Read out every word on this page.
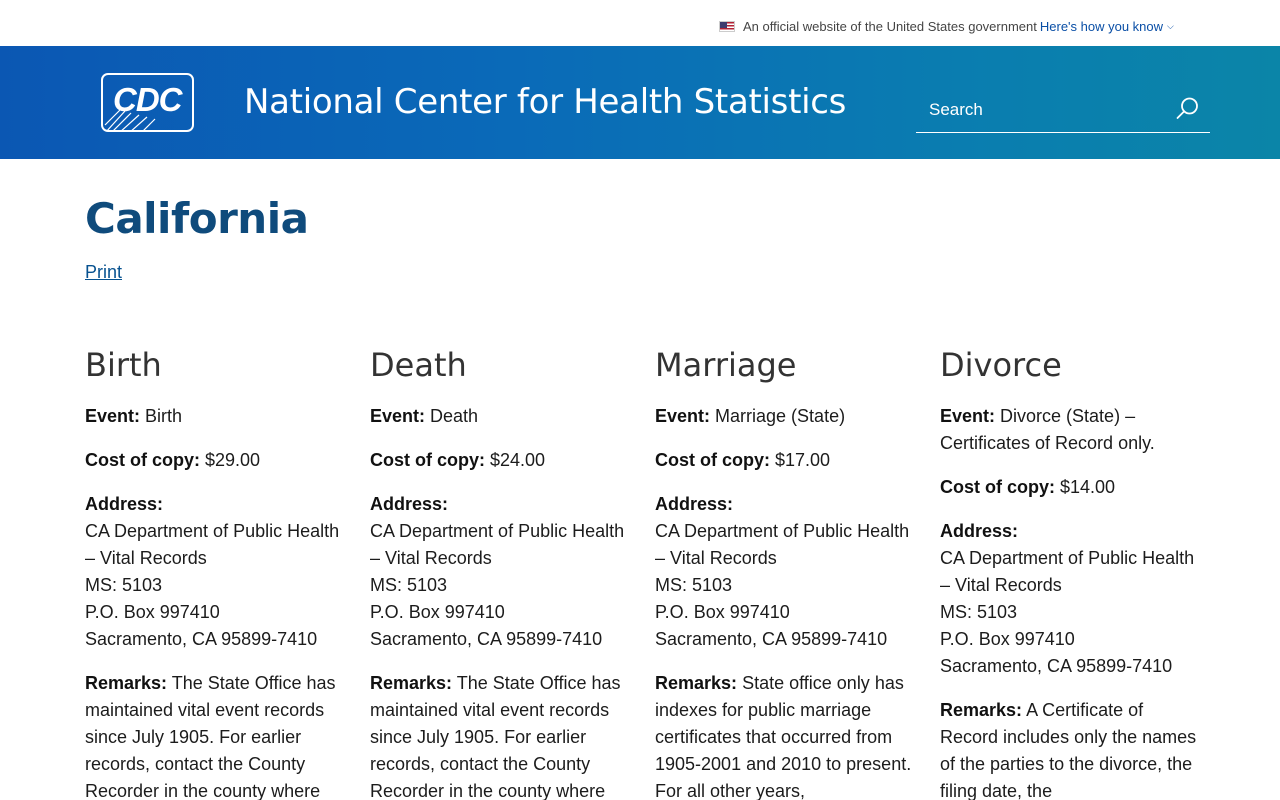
An official website of the United States government Here's how you know ⌵
CDC National Center for Health Statistics
Search
California
Print
Birth

Event: Birth

Cost of copy: $29.00

Address:
CA Department of Public Health – Vital Records
MS: 5103
P.O. Box 997410
Sacramento, CA 95899-7410

Remarks: The State Office has maintained vital event records since July 1905. For earlier records, contact the County Recorder in the county where

Death

Event: Death

Cost of copy: $24.00

Address:
CA Department of Public Health – Vital Records
MS: 5103
P.O. Box 997410
Sacramento, CA 95899-7410

Remarks: The State Office has maintained vital event records since July 1905. For earlier records, contact the County Recorder in the county where

Marriage

Event: Marriage (State)

Cost of copy: $17.00

Address:
CA Department of Public Health – Vital Records
MS: 5103
P.O. Box 997410
Sacramento, CA 95899-7410

Remarks: State office only has indexes for public marriage certificates that occurred from 1905-2001 and 2010 to present. For all other years,

Divorce

Event: Divorce (State) – Certificates of Record only.

Cost of copy: $14.00

Address:
CA Department of Public Health – Vital Records
MS: 5103
P.O. Box 997410
Sacramento, CA 95899-7410

Remarks: A Certificate of Record includes only the names of the parties to the divorce, the filing date, the
